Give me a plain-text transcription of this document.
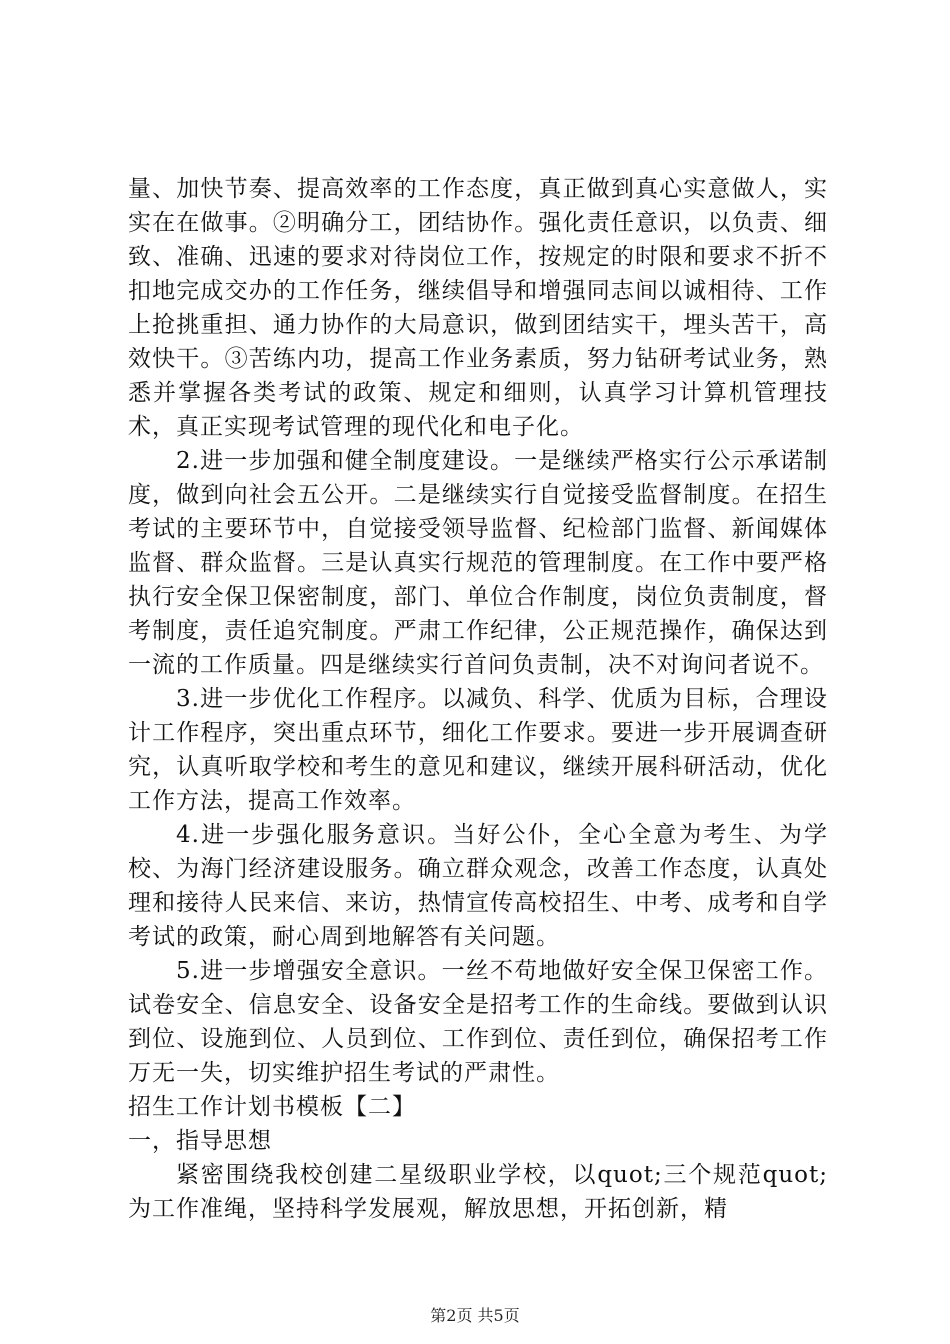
量、加快节奏、提高效率的工作态度，真正做到真心实意做人，实实在在做事。②明确分工，团结协作。强化责任意识，以负责、细致、准确、迅速的要求对待岗位工作，按规定的时限和要求不折不扣地完成交办的工作任务，继续倡导和增强同志间以诚相待、工作上抢挑重担、通力协作的大局意识，做到团结实干，埋头苦干，高效快干。③苦练内功，提高工作业务素质，努力钻研考试业务，熟悉并掌握各类考试的政策、规定和细则，认真学习计算机管理技术，真正实现考试管理的现代化和电子化。

2.进一步加强和健全制度建设。一是继续严格实行公示承诺制度，做到向社会五公开。二是继续实行自觉接受监督制度。在招生考试的主要环节中，自觉接受领导监督、纪检部门监督、新闻媒体监督、群众监督。三是认真实行规范的管理制度。在工作中要严格执行安全保卫保密制度，部门、单位合作制度，岗位负责制度，督考制度，责任追究制度。严肃工作纪律，公正规范操作，确保达到一流的工作质量。四是继续实行首问负责制，决不对询问者说不。

3.进一步优化工作程序。以减负、科学、优质为目标，合理设计工作程序，突出重点环节，细化工作要求。要进一步开展调查研究，认真听取学校和考生的意见和建议，继续开展科研活动，优化工作方法，提高工作效率。

4.进一步强化服务意识。当好公仆，全心全意为考生、为学校、为海门经济建设服务。确立群众观念，改善工作态度，认真处理和接待人民来信、来访，热情宣传高校招生、中考、成考和自学考试的政策，耐心周到地解答有关问题。

5.进一步增强安全意识。一丝不苟地做好安全保卫保密工作。试卷安全、信息安全、设备安全是招考工作的生命线。要做到认识到位、设施到位、人员到位、工作到位、责任到位，确保招考工作万无一失，切实维护招生考试的严肃性。

招生工作计划书模板【二】

一，指导思想

紧密围绕我校创建二星级职业学校，以quot;三个规范quot;为工作准绳，坚持科学发展观，解放思想，开拓创新，精

第2页 共5页
